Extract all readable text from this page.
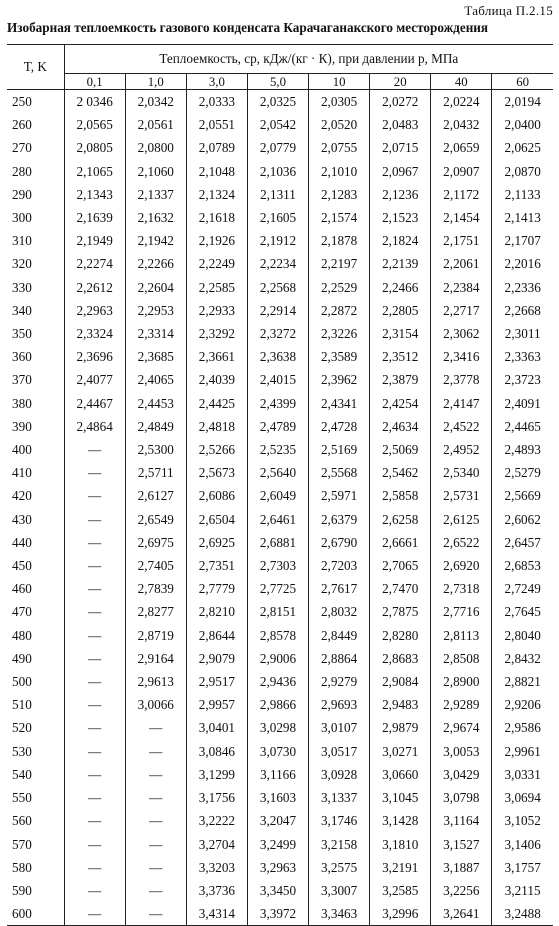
Таблица П.2.15
Изобарная теплоемкость газового конденсата Карачаганакского месторождения
T, K	Теплоемкость, cp, кДж/(кг · К), при давлении p, МПа							
	0,1	1,0	3,0	5,0	10	20	40	60
250	2 0346	2,0342	2,0333	2,0325	2,0305	2,0272	2,0224	2,0194
260	2,0565	2,0561	2,0551	2,0542	2,0520	2,0483	2,0432	2,0400
270	2,0805	2,0800	2,0789	2,0779	2,0755	2,0715	2,0659	2,0625
280	2,1065	2,1060	2,1048	2,1036	2,1010	2,0967	2,0907	2,0870
290	2,1343	2,1337	2,1324	2,1311	2,1283	2,1236	2,1172	2,1133
300	2,1639	2,1632	2,1618	2,1605	2,1574	2,1523	2,1454	2,1413
310	2,1949	2,1942	2,1926	2,1912	2,1878	2,1824	2,1751	2,1707
320	2,2274	2,2266	2,2249	2,2234	2,2197	2,2139	2,2061	2,2016
330	2,2612	2,2604	2,2585	2,2568	2,2529	2,2466	2,2384	2,2336
340	2,2963	2,2953	2,2933	2,2914	2,2872	2,2805	2,2717	2,2668
350	2,3324	2,3314	2,3292	2,3272	2,3226	2,3154	2,3062	2,3011
360	2,3696	2,3685	2,3661	2,3638	2,3589	2,3512	2,3416	2,3363
370	2,4077	2,4065	2,4039	2,4015	2,3962	2,3879	2,3778	2,3723
380	2,4467	2,4453	2,4425	2,4399	2,4341	2,4254	2,4147	2,4091
390	2,4864	2,4849	2,4818	2,4789	2,4728	2,4634	2,4522	2,4465
400	—	2,5300	2,5266	2,5235	2,5169	2,5069	2,4952	2,4893
410	—	2,5711	2,5673	2,5640	2,5568	2,5462	2,5340	2,5279
420	—	2,6127	2,6086	2,6049	2,5971	2,5858	2,5731	2,5669
430	—	2,6549	2,6504	2,6461	2,6379	2,6258	2,6125	2,6062
440	—	2,6975	2,6925	2,6881	2,6790	2,6661	2,6522	2,6457
450	—	2,7405	2,7351	2,7303	2,7203	2,7065	2,6920	2,6853
460	—	2,7839	2,7779	2,7725	2,7617	2,7470	2,7318	2,7249
470	—	2,8277	2,8210	2,8151	2,8032	2,7875	2,7716	2,7645
480	—	2,8719	2,8644	2,8578	2,8449	2,8280	2,8113	2,8040
490	—	2,9164	2,9079	2,9006	2,8864	2,8683	2,8508	2,8432
500	—	2,9613	2,9517	2,9436	2,9279	2,9084	2,8900	2,8821
510	—	3,0066	2,9957	2,9866	2,9693	2,9483	2,9289	2,9206
520	—	—	3,0401	3,0298	3,0107	2,9879	2,9674	2,9586
530	—	—	3,0846	3,0730	3,0517	3,0271	3,0053	2,9961
540	—	—	3,1299	3,1166	3,0928	3,0660	3,0429	3,0331
550	—	—	3,1756	3,1603	3,1337	3,1045	3,0798	3,0694
560	—	—	3,2222	3,2047	3,1746	3,1428	3,1164	3,1052
570	—	—	3,2704	3,2499	3,2158	3,1810	3,1527	3,1406
580	—	—	3,3203	3,2963	3,2575	3,2191	3,1887	3,1757
590	—	—	3,3736	3,3450	3,3007	3,2585	3,2256	3,2115
600	—	—	3,4314	3,3972	3,3463	3,2996	3,2641	3,2488
